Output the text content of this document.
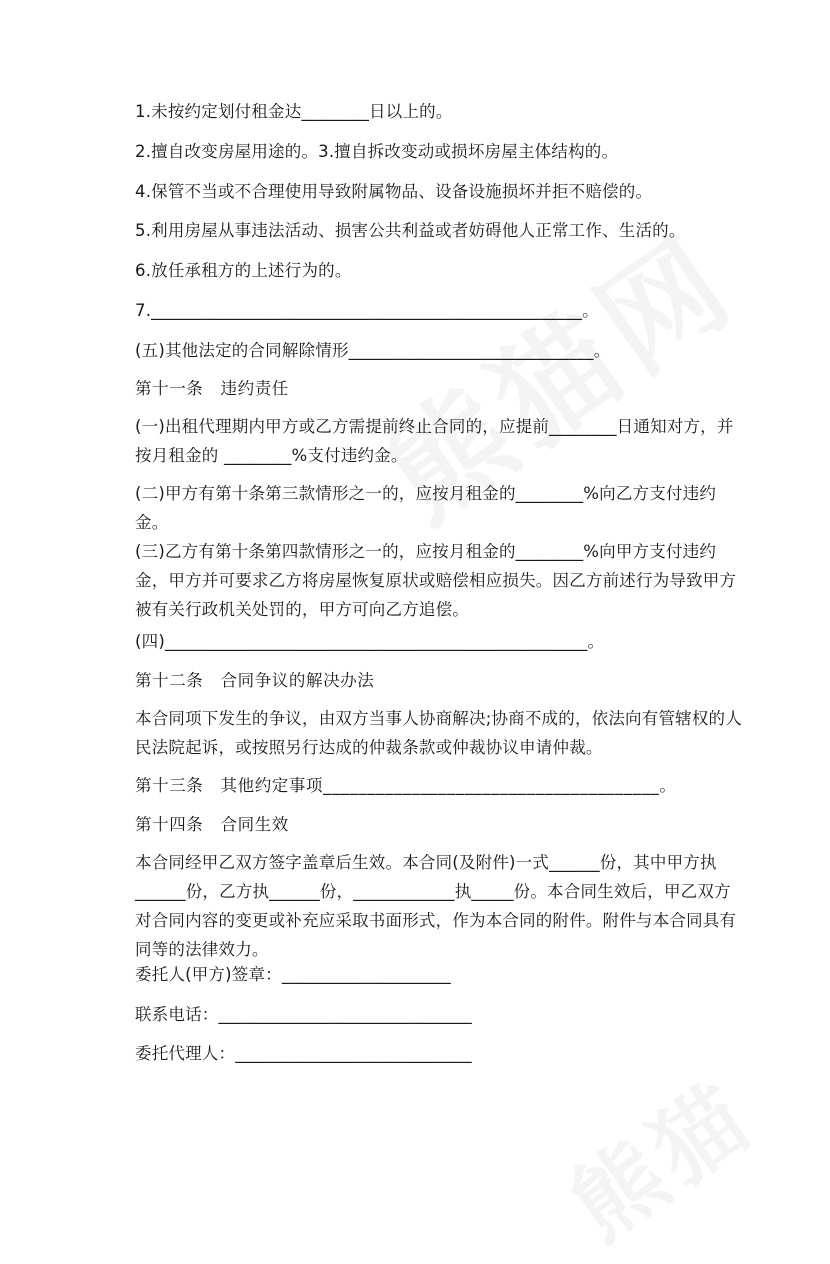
1.未按约定划付租金达________日以上的。
2.擅自改变房屋用途的。3.擅自拆改变动或损坏房屋主体结构的。
4.保管不当或不合理使用导致附属物品、设备设施损坏并拒不赔偿的。
5.利用房屋从事违法活动、损害公共利益或者妨碍他人正常工作、生活的。
6.放任承租方的上述行为的。
7.___________________________________________________。
(五)其他法定的合同解除情形_____________________________。
第十一条　违约责任
(一)出租代理期内甲方或乙方需提前终止合同的，应提前________日通知对方，并按月租金的 ________%支付违约金。
(二)甲方有第十条第三款情形之一的，应按月租金的________%向乙方支付违约金。
(三)乙方有第十条第四款情形之一的，应按月租金的________%向甲方支付违约金，甲方并可要求乙方将房屋恢复原状或赔偿相应损失。因乙方前述行为导致甲方被有关行政机关处罚的，甲方可向乙方追偿。
(四)__________________________________________________。
第十二条　合同争议的解决办法
本合同项下发生的争议，由双方当事人协商解决;协商不成的，依法向有管辖权的人民法院起诉，或按照另行达成的仲裁条款或仲裁协议申请仲裁。
第十三条　其他约定事项______________________________________。
第十四条　合同生效
本合同经甲乙双方签字盖章后生效。本合同(及附件)一式______份，其中甲方执______份，乙方执______份，____________执_____份。本合同生效后，甲乙双方对合同内容的变更或补充应采取书面形式，作为本合同的附件。附件与本合同具有同等的法律效力。
委托人(甲方)签章：____________________
联系电话：______________________________
委托代理人：____________________________
